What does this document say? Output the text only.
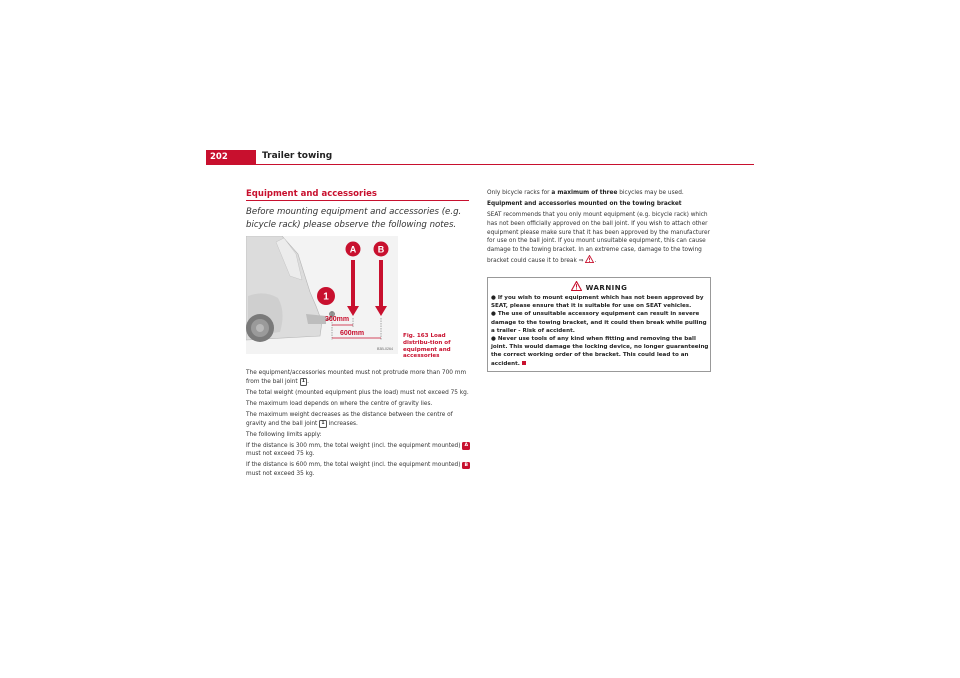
202	Trailer towing
Equipment and accessories
Before mounting equipment and accessories (e.g. bicycle rack) please observe the following notes.
1
A B
300mm
600mm
B3B-0264
Fig. 163 Load distribu-tion of equipment and accessories

The equipment/accessories mounted must not protrude more than 700 mm from the ball joint 1 .

The total weight (mounted equipment plus the load) must not exceed 75 kg.

The maximum load depends on where the centre of gravity lies.

The maximum weight decreases as the distance between the centre of gravity and the ball joint 1 increases.

The following limits apply:

If the distance is 300 mm, the total weight (incl. the equipment mounted) A must not exceed 75 kg.

If the distance is 600 mm, the total weight (incl. the equipment mounted) B must not exceed 35 kg.

Only bicycle racks for a maximum of three bicycles may be used.

Equipment and accessories mounted on the towing bracket

SEAT recommends that you only mount equipment (e.g. bicycle rack) which has not been officially approved on the ball joint. If you wish to attach other equipment please make sure that it has been approved by the manufacturer for use on the ball joint. If you mount unsuitable equipment, this can cause damage to the towing bracket. In an extreme case, damage to the towing bracket could cause it to break ⇒ .

WARNING

● If you wish to mount equipment which has not been approved by SEAT, please ensure that it is suitable for use on SEAT vehicles.

● The use of unsuitable accessory equipment can result in severe damage to the towing bracket, and it could then break while pulling a trailer - Risk of accident.

● Never use tools of any kind when fitting and removing the ball joint. This would damage the locking device, no longer guaranteeing the correct working order of the bracket. This could lead to an accident.
